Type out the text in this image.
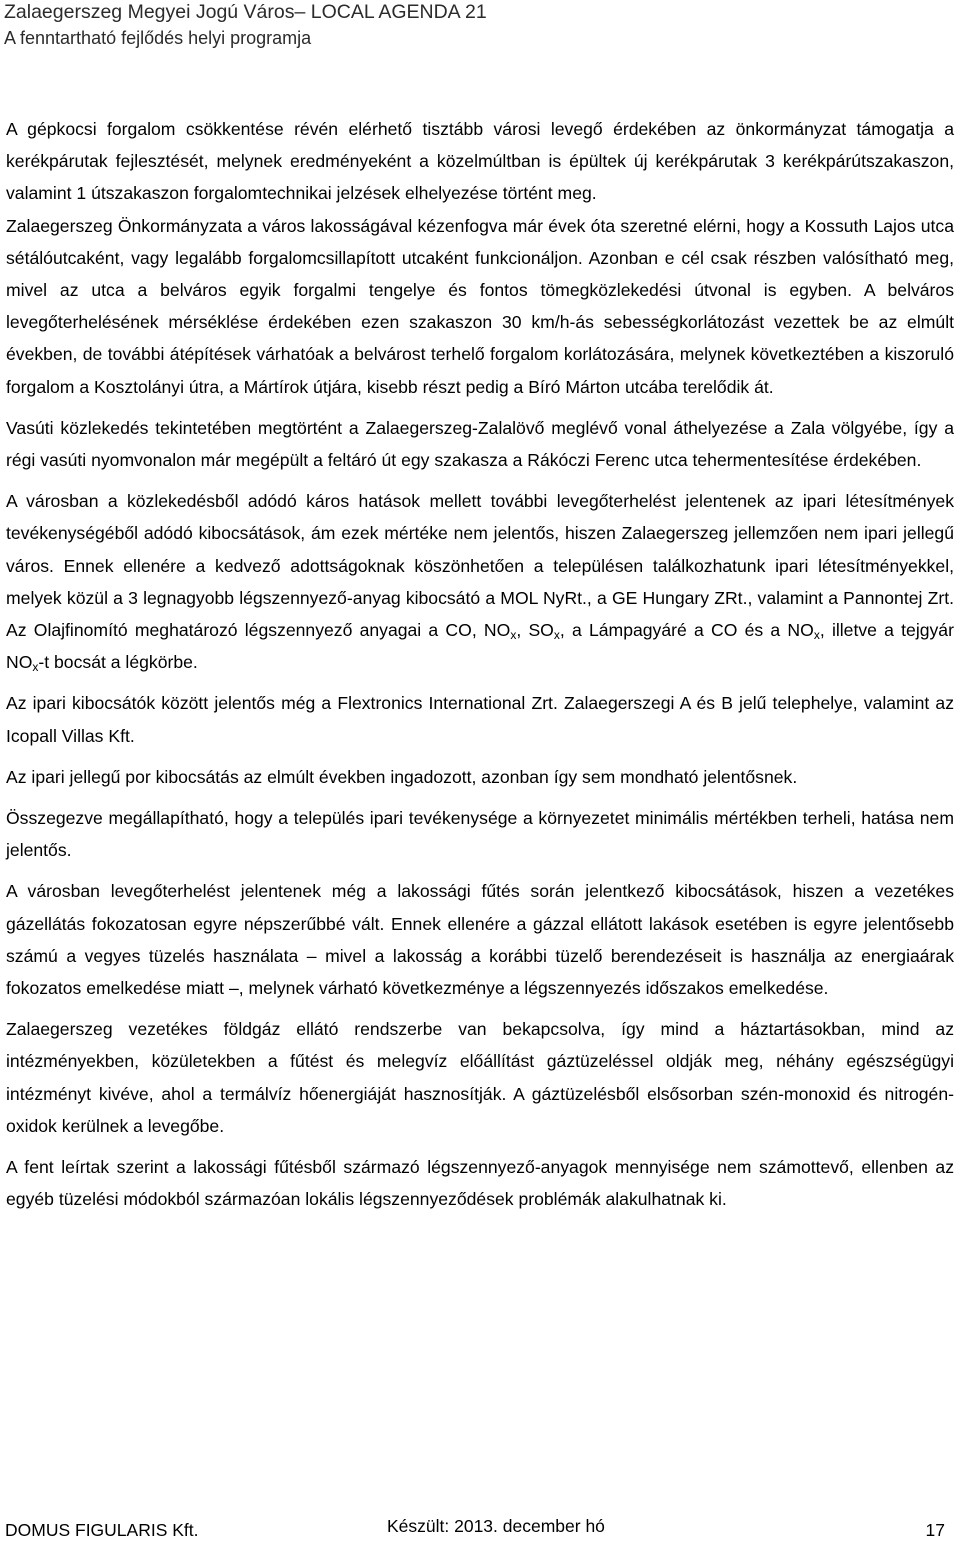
Zalaegerszeg Megyei Jogú Város– LOCAL AGENDA 21
A fenntartható fejlődés helyi programja

A gépkocsi forgalom csökkentése révén elérhető tisztább városi levegő érdekében az önkormányzat támogatja a kerékpárutak fejlesztését, melynek eredményeként a közelmúltban is épültek új kerékpárutak 3 kerékpárútszakaszon, valamint 1 útszakaszon forgalomtechnikai jelzések elhelyezése történt meg.

Zalaegerszeg Önkormányzata a város lakosságával kézenfogva már évek óta szeretné elérni, hogy a Kossuth Lajos utca sétálóutcaként, vagy legalább forgalomcsillapított utcaként funkcionáljon. Azonban e cél csak részben valósítható meg, mivel az utca a belváros egyik forgalmi tengelye és fontos tömegközlekedési útvonal is egyben. A belváros levegőterhelésének mérséklése érdekében ezen szakaszon 30 km/h-ás sebességkorlátozást vezettek be az elmúlt években, de további átépítések várhatóak a belvárost terhelő forgalom korlátozására, melynek következtében a kiszoruló forgalom a Kosztolányi útra, a Mártírok útjára, kisebb részt pedig a Bíró Márton utcába terelődik át.

Vasúti közlekedés tekintetében megtörtént a Zalaegerszeg-Zalalövő meglévő vonal áthelyezése a Zala völgyébe, így a régi vasúti nyomvonalon már megépült a feltáró út egy szakasza a Rákóczi Ferenc utca tehermentesítése érdekében.

A városban a közlekedésből adódó káros hatások mellett további levegőterhelést jelentenek az ipari létesítmények tevékenységéből adódó kibocsátások, ám ezek mértéke nem jelentős, hiszen Zalaegerszeg jellemzően nem ipari jellegű város. Ennek ellenére a kedvező adottságoknak köszönhetően a településen találkozhatunk ipari létesítményekkel, melyek közül a 3 legnagyobb légszennyező-anyag kibocsátó a MOL NyRt., a GE Hungary ZRt., valamint a Pannontej Zrt. Az Olajfinomító meghatározó légszennyező anyagai a CO, $NO_x$, $SO_x$, a Lámpagyáré a CO és a $NO_x$, illetve a tejgyár $NO_x-t$ bocsát a légkörbe.

Az ipari kibocsátók között jelentős még a Flextronics International Zrt. Zalaegerszegi A és B jelű telephelye, valamint az Icopall Villas Kft.

Az ipari jellegű por kibocsátás az elmúlt években ingadozott, azonban így sem mondható jelentősnek.

Összegezve megállapítható, hogy a település ipari tevékenysége a környezetet minimális mértékben terheli, hatása nem jelentős.

A városban levegőterhelést jelentenek még a lakossági fűtés során jelentkező kibocsátások, hiszen a vezetékes gázellátás fokozatosan egyre népszerűbbé vált. Ennek ellenére a gázzal ellátott lakások esetében is egyre jelentősebb számú a vegyes tüzelés használata – mivel a lakosság a korábbi tüzelő berendezéseit is használja az energiaárak fokozatos emelkedése miatt –, melynek várható következménye a légszennyezés időszakos emelkedése.

Zalaegerszeg vezetékes földgáz ellátó rendszerbe van bekapcsolva, így mind a háztartásokban, mind az intézményekben, közületekben a fűtést és melegvíz előállítást gáztüzeléssel oldják meg, néhány egészségügyi intézményt kivéve, ahol a termálvíz hőenergiáját hasznosítják. A gáztüzelésből elsősorban szén-monoxid és nitrogén-oxidok kerülnek a levegőbe.

A fent leírtak szerint a lakossági fűtésből származó légszennyező-anyagok mennyisége nem számottevő, ellenben az egyéb tüzelési módokból származóan lokális légszennyeződések problémák alakulhatnak ki.

DOMUS FIGULARIS Kft.	Készült: 2013. december hó	17
